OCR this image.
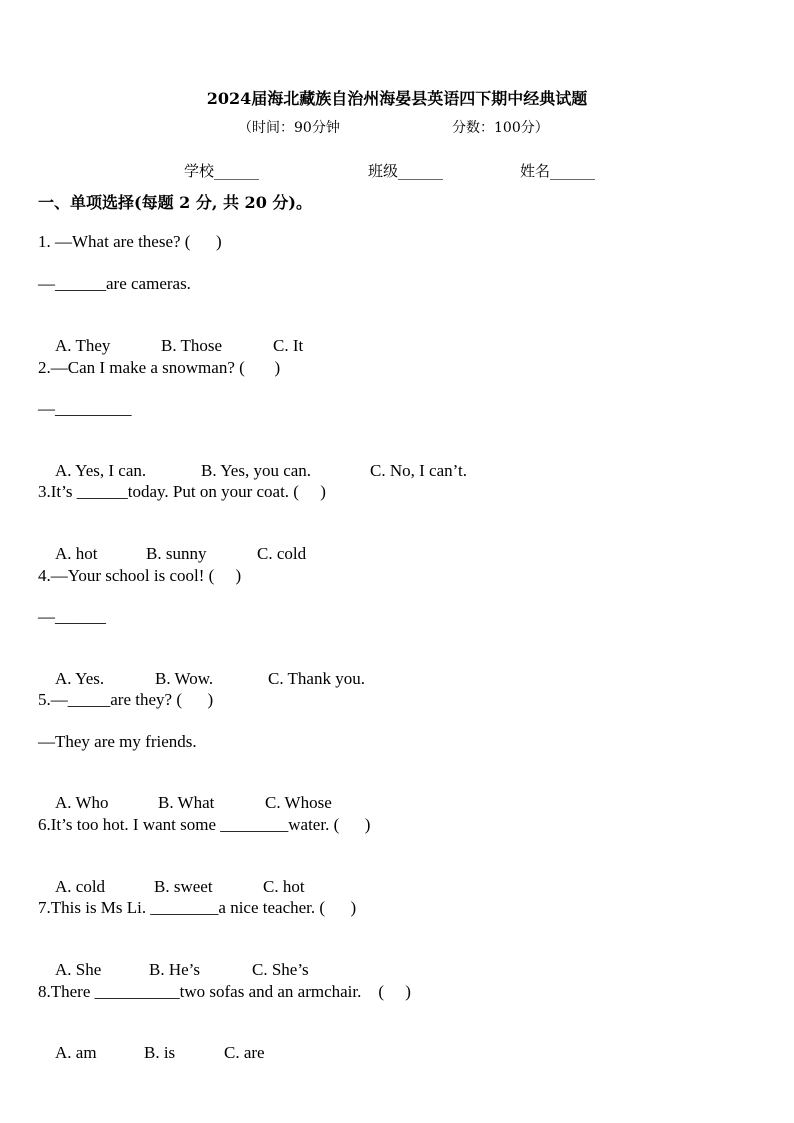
2024届海北藏族自治州海晏县英语四下期中经典试题
（时间：90分钟	分数：100分）
学校______	班级______	姓名______
一、单项选择(每题 2 分, 共 20 分)。
1. —What are these? (      )
—______are cameras.

A. They	B. Those	C. It

2.—Can I make a snowman? (       )
—_________

A. Yes, I can.	B. Yes, you can.	C. No, I can’t.

3.It’s ______today. Put on your coat. (     )

A. hot	B. sunny	C. cold

4.—Your school is cool! (     )
—______

A. Yes.	B. Wow.	C. Thank you.

5.—_____are they? (      )
—They are my friends.

A. Who	B. What	C. Whose

6.It’s too hot. I want some ________water. (      )

A. cold	B. sweet	C. hot

7.This is Ms Li. ________a nice teacher. (      )

A. She	B. He’s	C. She’s

8.There __________two sofas and an armchair.    (     )

A. am	B. is	C. are
